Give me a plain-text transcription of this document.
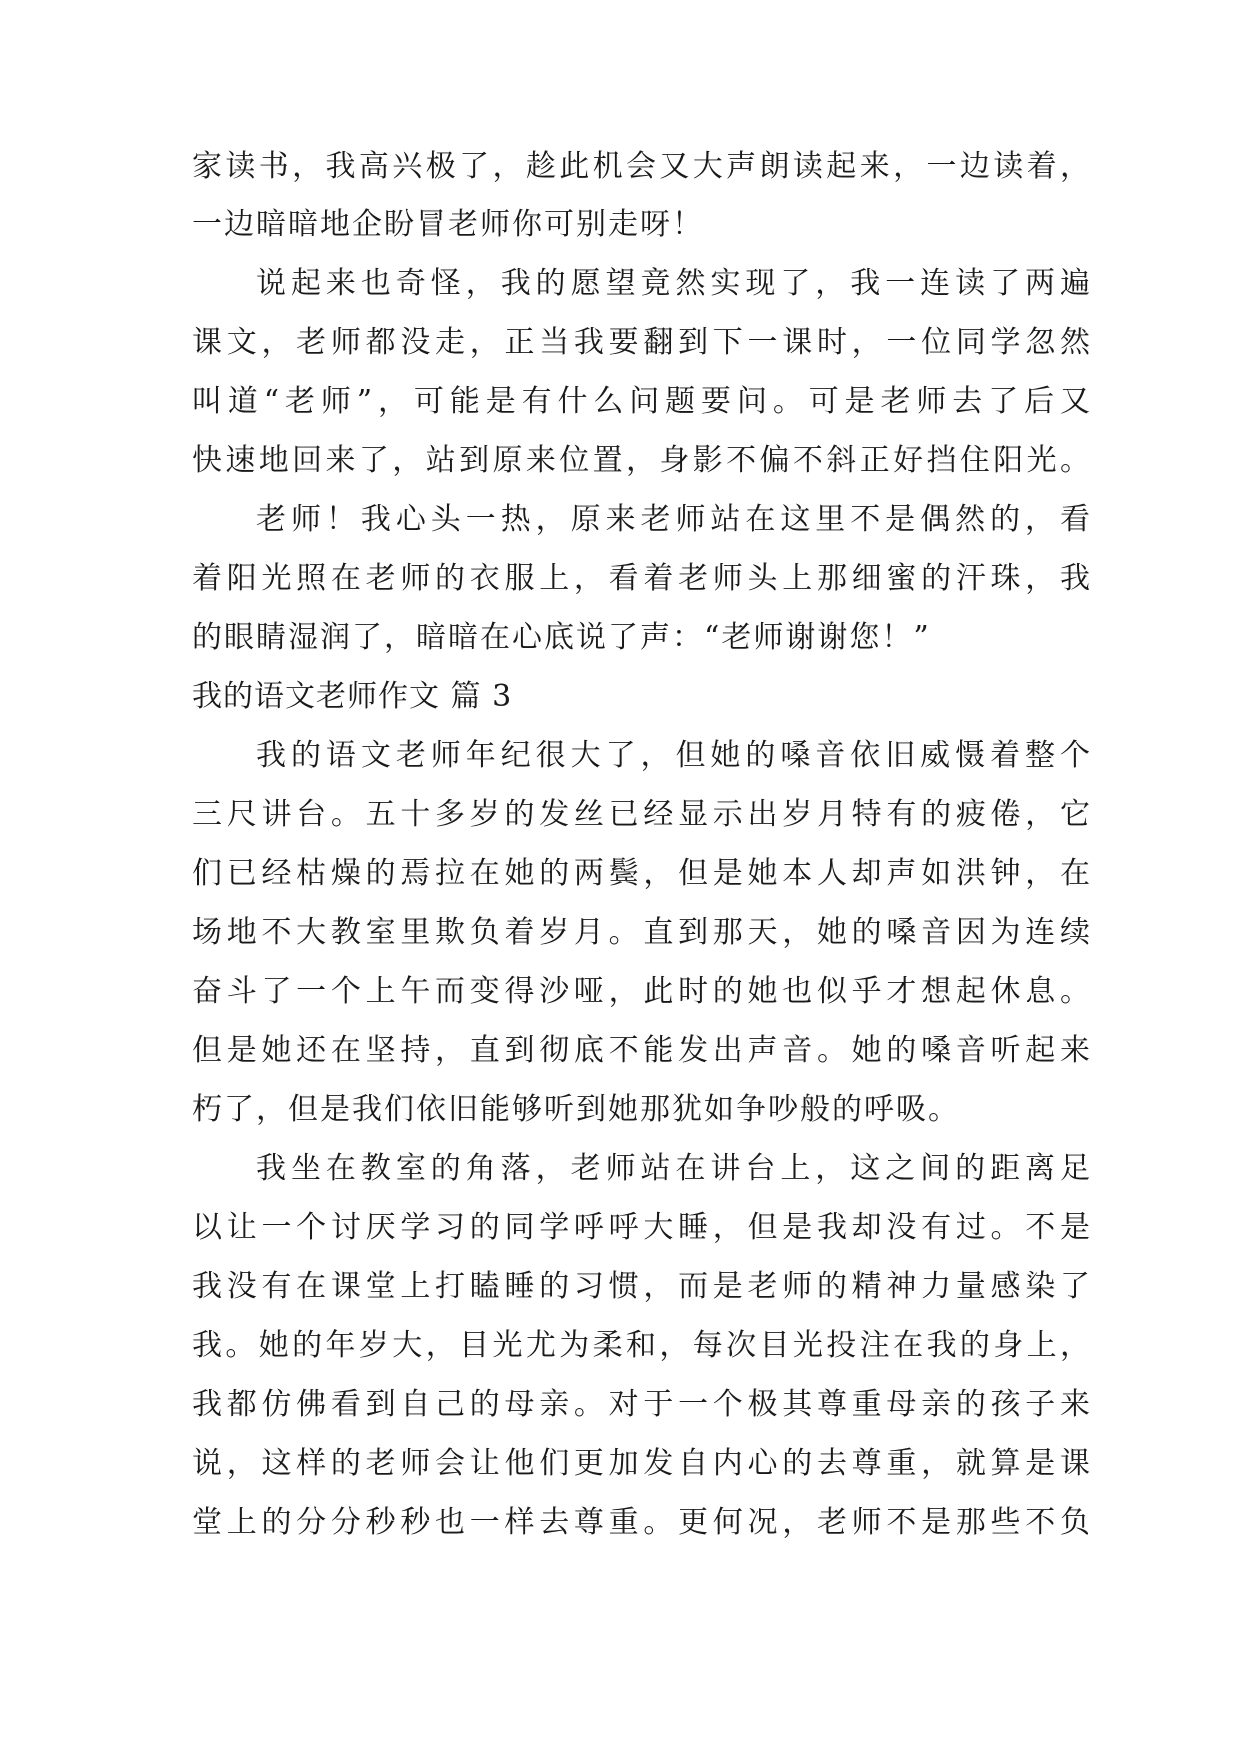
家读书，我高兴极了，趁此机会又大声朗读起来，一边读着，
一边暗暗地企盼冒老师你可别走呀！
说起来也奇怪，我的愿望竟然实现了，我一连读了两遍
课文，老师都没走，正当我要翻到下一课时，一位同学忽然
叫道“老师”，可能是有什么问题要问。可是老师去了后又
快速地回来了，站到原来位置，身影不偏不斜正好挡住阳光。
老师！我心头一热，原来老师站在这里不是偶然的，看
着阳光照在老师的衣服上，看着老师头上那细蜜的汗珠，我
的眼睛湿润了，暗暗在心底说了声：“老师谢谢您！”
我的语文老师作文 篇 3
我的语文老师年纪很大了，但她的嗓音依旧威慑着整个
三尺讲台。五十多岁的发丝已经显示出岁月特有的疲倦，它
们已经枯燥的焉拉在她的两鬓，但是她本人却声如洪钟，在
场地不大教室里欺负着岁月。直到那天，她的嗓音因为连续
奋斗了一个上午而变得沙哑，此时的她也似乎才想起休息。
但是她还在坚持，直到彻底不能发出声音。她的嗓音听起来
朽了，但是我们依旧能够听到她那犹如争吵般的呼吸。
我坐在教室的角落，老师站在讲台上，这之间的距离足
以让一个讨厌学习的同学呼呼大睡，但是我却没有过。不是
我没有在课堂上打瞌睡的习惯，而是老师的精神力量感染了
我。她的年岁大，目光尤为柔和，每次目光投注在我的身上，
我都仿佛看到自己的母亲。对于一个极其尊重母亲的孩子来
说，这样的老师会让他们更加发自内心的去尊重，就算是课
堂上的分分秒秒也一样去尊重。更何况，老师不是那些不负
